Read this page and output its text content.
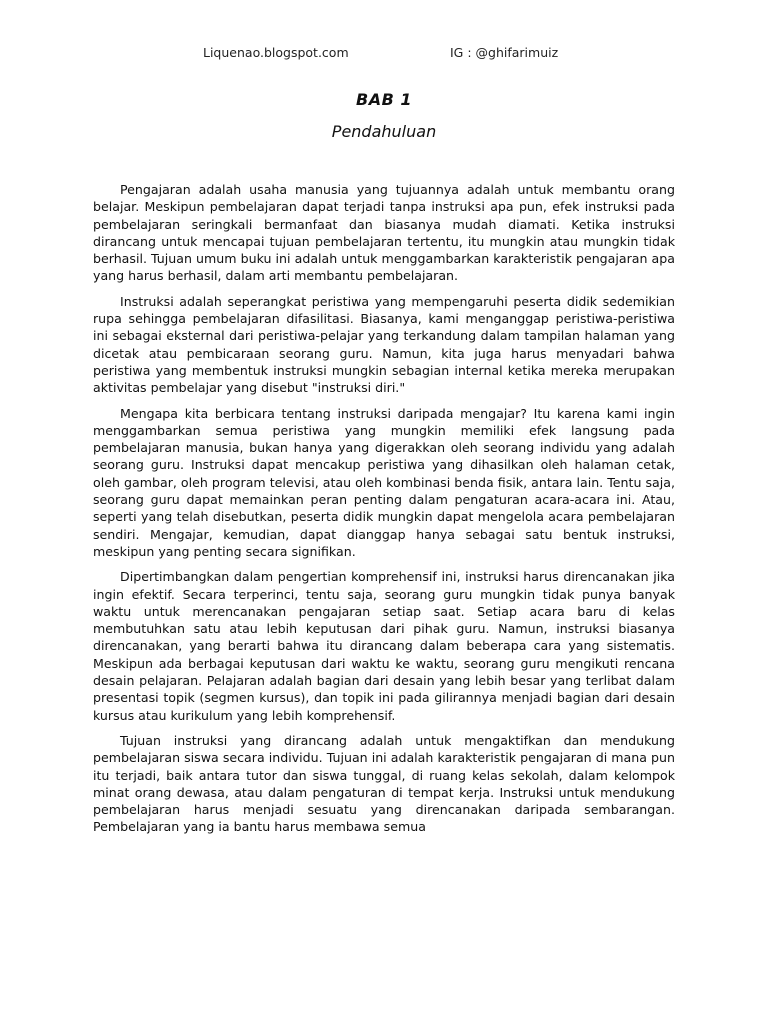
Liquenao.blogspot.com	IG : @ghifarimuiz
BAB 1
Pendahuluan

Pengajaran adalah usaha manusia yang tujuannya adalah untuk membantu orang belajar. Meskipun pembelajaran dapat terjadi tanpa instruksi apa pun, efek instruksi pada pembelajaran seringkali bermanfaat dan biasanya mudah diamati. Ketika instruksi dirancang untuk mencapai tujuan pembelajaran tertentu, itu mungkin atau mungkin tidak berhasil. Tujuan umum buku ini adalah untuk menggambarkan karakteristik pengajaran apa yang harus berhasil, dalam arti membantu pembelajaran.

Instruksi adalah seperangkat peristiwa yang mempengaruhi peserta didik sedemikian rupa sehingga pembelajaran difasilitasi. Biasanya, kami menganggap peristiwa-peristiwa ini sebagai eksternal dari peristiwa-pelajar yang terkandung dalam tampilan halaman yang dicetak atau pembicaraan seorang guru. Namun, kita juga harus menyadari bahwa peristiwa yang membentuk instruksi mungkin sebagian internal ketika mereka merupakan aktivitas pembelajar yang disebut "instruksi diri."

Mengapa kita berbicara tentang instruksi daripada mengajar? Itu karena kami ingin menggambarkan semua peristiwa yang mungkin memiliki efek langsung pada pembelajaran manusia, bukan hanya yang digerakkan oleh seorang individu yang adalah seorang guru. Instruksi dapat mencakup peristiwa yang dihasilkan oleh halaman cetak, oleh gambar, oleh program televisi, atau oleh kombinasi benda fisik, antara lain. Tentu saja, seorang guru dapat memainkan peran penting dalam pengaturan acara-acara ini. Atau, seperti yang telah disebutkan, peserta didik mungkin dapat mengelola acara pembelajaran sendiri. Mengajar, kemudian, dapat dianggap hanya sebagai satu bentuk instruksi, meskipun yang penting secara signifikan.

Dipertimbangkan dalam pengertian komprehensif ini, instruksi harus direncanakan jika ingin efektif. Secara terperinci, tentu saja, seorang guru mungkin tidak punya banyak waktu untuk merencanakan pengajaran setiap saat. Setiap acara baru di kelas membutuhkan satu atau lebih keputusan dari pihak guru. Namun, instruksi biasanya direncanakan, yang berarti bahwa itu dirancang dalam beberapa cara yang sistematis. Meskipun ada berbagai keputusan dari waktu ke waktu, seorang guru mengikuti rencana desain pelajaran. Pelajaran adalah bagian dari desain yang lebih besar yang terlibat dalam presentasi topik (segmen kursus), dan topik ini pada gilirannya menjadi bagian dari desain kursus atau kurikulum yang lebih komprehensif.

Tujuan instruksi yang dirancang adalah untuk mengaktifkan dan mendukung pembelajaran siswa secara individu. Tujuan ini adalah karakteristik pengajaran di mana pun itu terjadi, baik antara tutor dan siswa tunggal, di ruang kelas sekolah, dalam kelompok minat orang dewasa, atau dalam pengaturan di tempat kerja. Instruksi untuk mendukung pembelajaran harus menjadi sesuatu yang direncanakan daripada sembarangan. Pembelajaran yang ia bantu harus membawa semua
